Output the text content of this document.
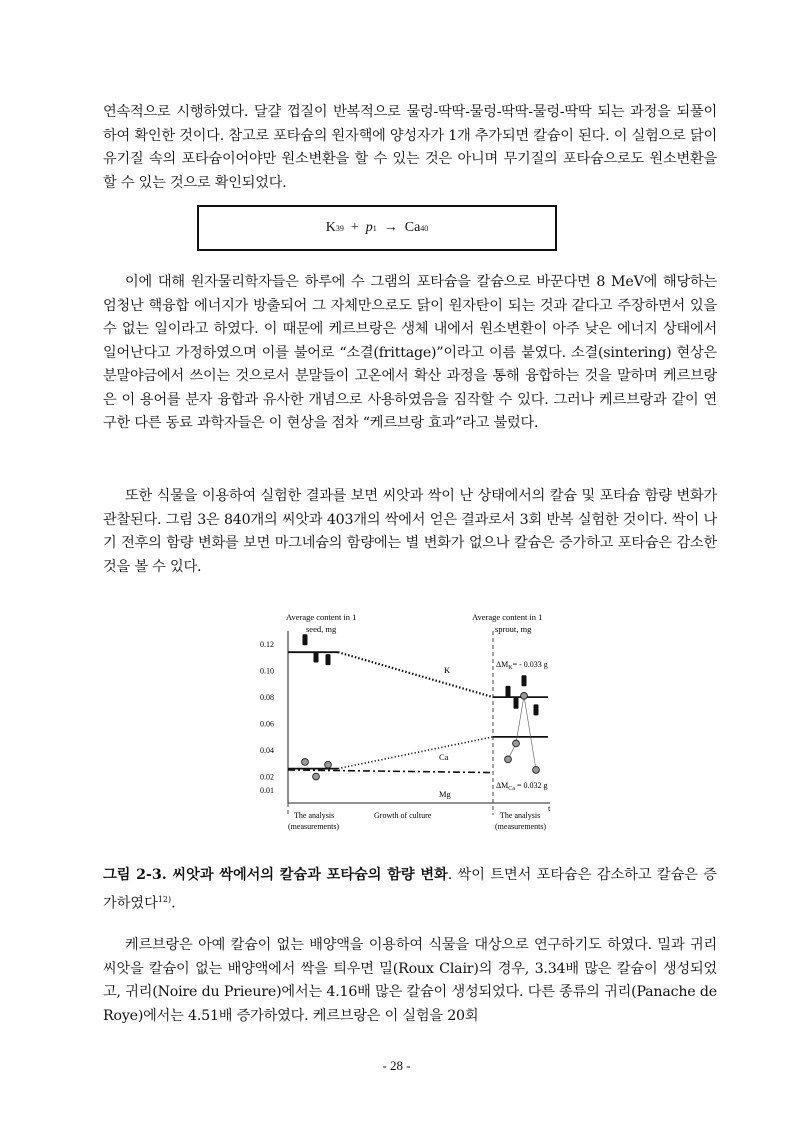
연속적으로 시행하였다. 달걀 껍질이 반복적으로 물렁-딱딱-물렁-딱딱-물렁-딱딱 되는 과정을 되풀이하여 확인한 것이다. 참고로 포타슘의 원자핵에 양성자가 1개 추가되면 칼슘이 된다. 이 실험으로 닭이 유기질 속의 포타슘이어야만 원소변환을 할 수 있는 것은 아니며 무기질의 포타슘으로도 원소변환을 할 수 있는 것으로 확인되었다.
K 39
+
p 1
→
Ca 40
이에 대해 원자물리학자들은 하루에 수 그램의 포타슘을 칼슘으로 바꾼다면 8 MeV에 해당하는 엄청난 핵융합 에너지가 방출되어 그 자체만으로도 닭이 원자탄이 되는 것과 같다고 주장하면서 있을 수 없는 일이라고 하였다. 이 때문에 케르브랑은 생체 내에서 원소변환이 아주 낮은 에너지 상태에서 일어난다고 가정하였으며 이를 불어로 “소결(frittage)”이라고 이름 붙였다. 소결(sintering) 현상은 분말야금에서 쓰이는 것으로서 분말들이 고온에서 확산 과정을 통해 융합하는 것을 말하며 케르브랑은 이 용어를 분자 융합과 유사한 개념으로 사용하였음을 짐작할 수 있다. 그러나 케르브랑과 같이 연구한 다른 동료 과학자들은 이 현상을 점차 “케르브랑 효과”라고 불렀다.
또한 식물을 이용하여 실험한 결과를 보면 씨앗과 싹이 난 상태에서의 칼슘 및 포타슘 함량 변화가 관찰된다. 그림 3은 840개의 씨앗과 403개의 싹에서 얻은 결과로서 3회 반복 실험한 것이다. 싹이 나기 전후의 함량 변화를 보면 마그네슘의 함량에는 별 변화가 없으나 칼슘은 증가하고 포타슘은 감소한 것을 볼 수 있다.
Average content in 1
seed, mg
Average content in 1
sprout, mg
0.12
0.10
0.08
0.06
0.04
0.02
0.01
t
The analysis
(measurements)
Growth of culture	The analysis
(measurements)
K
Ca
Mg
$\Delta M_K= - 0.033$ g
$\Delta M_{Ca} = 0.032$ g
그림 2-3. 씨앗과 싹에서의 칼슘과 포타슘의 함량 변화. 싹이 트면서 포타슘은 감소하고 칼슘은 증가하였다$^{12)}$.
케르브랑은 아예 칼슘이 없는 배양액을 이용하여 식물을 대상으로 연구하기도 하였다. 밀과 귀리 씨앗을 칼슘이 없는 배양액에서 싹을 틔우면 밀(Roux Clair)의 경우, 3.34배 많은 칼슘이 생성되었고, 귀리(Noire du Prieure)에서는 4.16배 많은 칼슘이 생성되었다. 다른 종류의 귀리(Panache de Roye)에서는 4.51배 증가하였다. 케르브랑은 이 실험을 20회
- 28 -
